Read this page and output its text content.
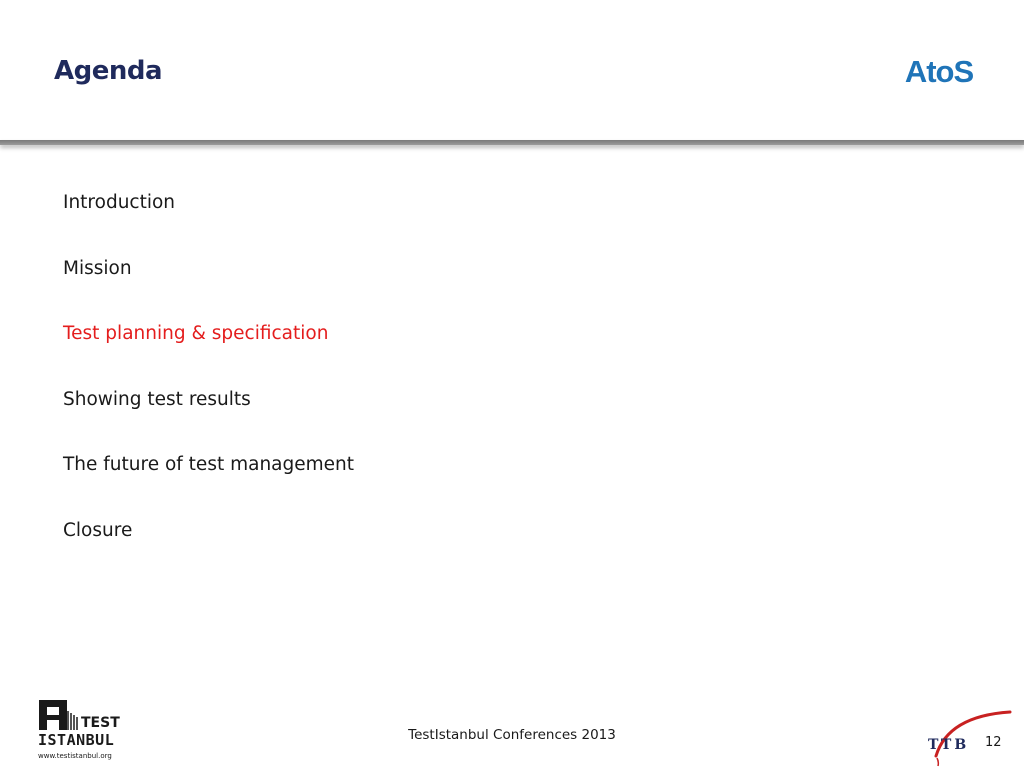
Agenda	AtoS
Introduction
Mission
Test planning & specification
Showing test results
The future of test management
Closure
TEST
ISTANBUL
www.testistanbul.org
TestIstanbul Conferences 2013
TTB 12
